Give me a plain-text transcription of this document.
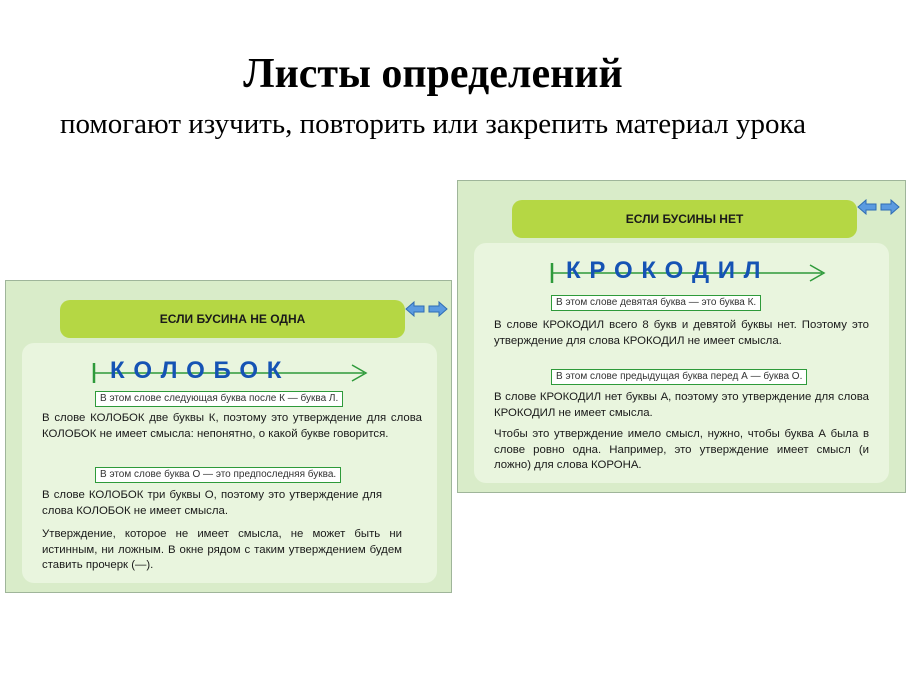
Листы определений
помогают изучить, повторить или закрепить материал урока
ЕСЛИ БУСИНА НЕ ОДНА
К О Л О Б О К
В этом слове следующая буква после К — буква Л.
В слове КОЛОБОК две буквы К, поэтому это утверждение для слова КОЛОБОК не имеет смысла: непонятно, о какой букве говорится.
В этом слове буква О — это предпоследняя буква.
В слове КОЛОБОК три буквы О, поэтому это утверждение для слова КОЛОБОК не имеет смысла.
Утверждение, которое не имеет смысла, не может быть ни истинным, ни ложным. В окне рядом с таким утверждением будем ставить прочерк (—).
ЕСЛИ БУСИНЫ НЕТ
К Р О К О Д И Л
В этом слове девятая буква — это буква К.
В слове КРОКОДИЛ всего 8 букв и девятой буквы нет. Поэтому это утверждение для слова КРОКОДИЛ не имеет смысла.
В этом слове предыдущая буква перед А — буква О.
В слове КРОКОДИЛ нет буквы А, поэтому это утверждение для слова КРОКОДИЛ не имеет смысла.
Чтобы это утверждение имело смысл, нужно, чтобы буква А была в слове ровно одна. Например, это утверждение имеет смысл (и ложно) для слова КОРОНА.
